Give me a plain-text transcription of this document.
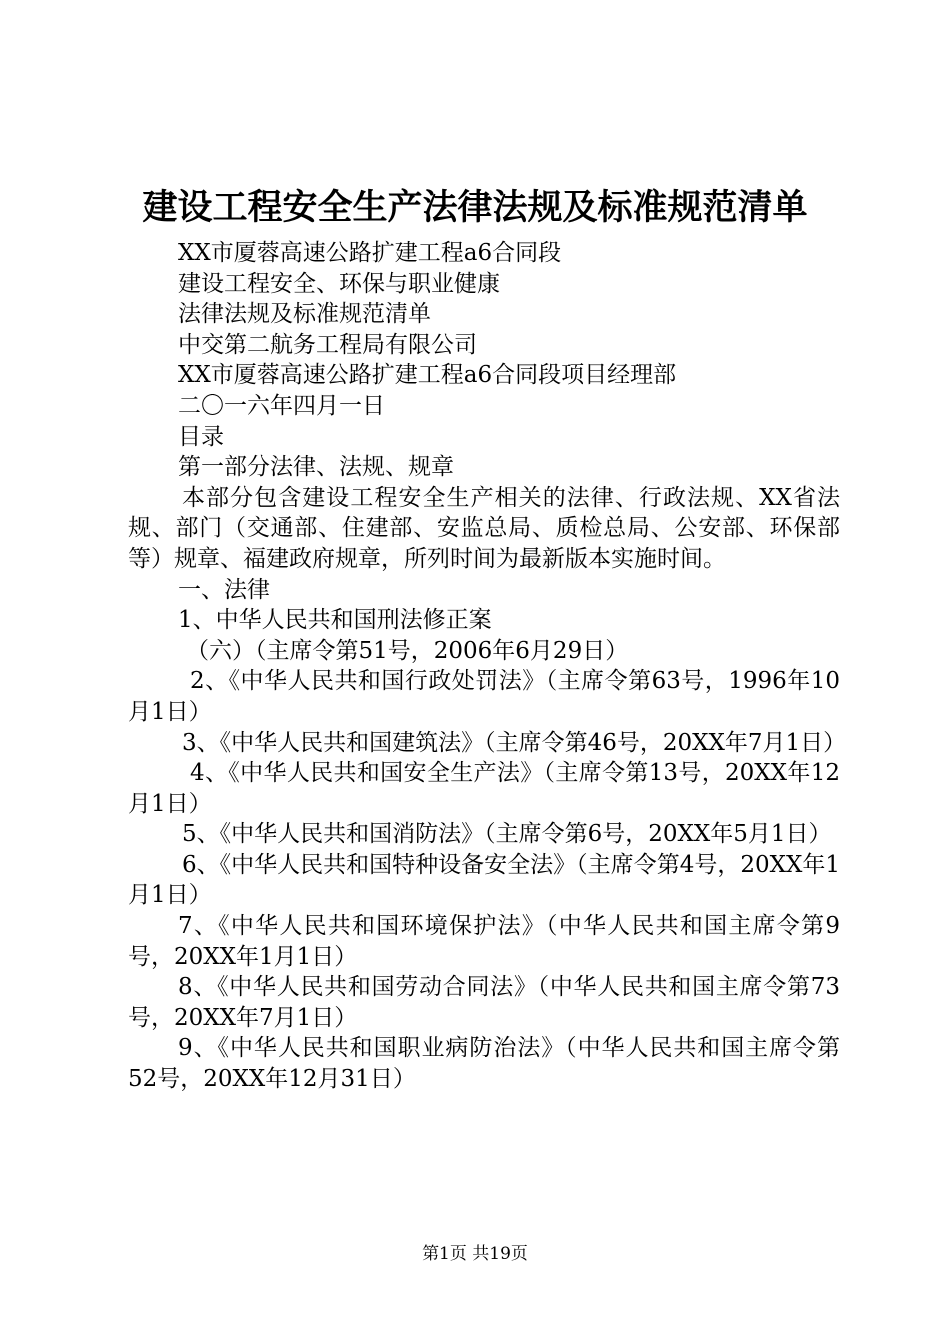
建设工程安全生产法律法规及标准规范清单
XX市厦蓉高速公路扩建工程a6合同段
建设工程安全、环保与职业健康
法律法规及标准规范清单
中交第二航务工程局有限公司
XX市厦蓉高速公路扩建工程a6合同段项目经理部
二〇一六年四月一日
目录
第一部分法律、法规、规章
本部分包含建设工程安全生产相关的法律、行政法规、XX省法规、部门（交通部、住建部、安监总局、质检总局、公安部、环保部等）规章、福建政府规章，所列时间为最新版本实施时间。
一、法律
1、中华人民共和国刑法修正案
（六）（主席令第51号，2006年6月29日）
2、《中华人民共和国行政处罚法》（主席令第63号，1996年10月1日）
3、《中华人民共和国建筑法》（主席令第46号，20XX年7月1日）
4、《中华人民共和国安全生产法》（主席令第13号，20XX年12月1日）
5、《中华人民共和国消防法》（主席令第6号，20XX年5月1日）
6、《中华人民共和国特种设备安全法》（主席令第4号，20XX年1月1日）
7、《中华人民共和国环境保护法》（中华人民共和国主席令第9号，20XX年1月1日）
8、《中华人民共和国劳动合同法》（中华人民共和国主席令第73号，20XX年7月1日）
9、《中华人民共和国职业病防治法》（中华人民共和国主席令第52号，20XX年12月31日）
第1页 共19页
